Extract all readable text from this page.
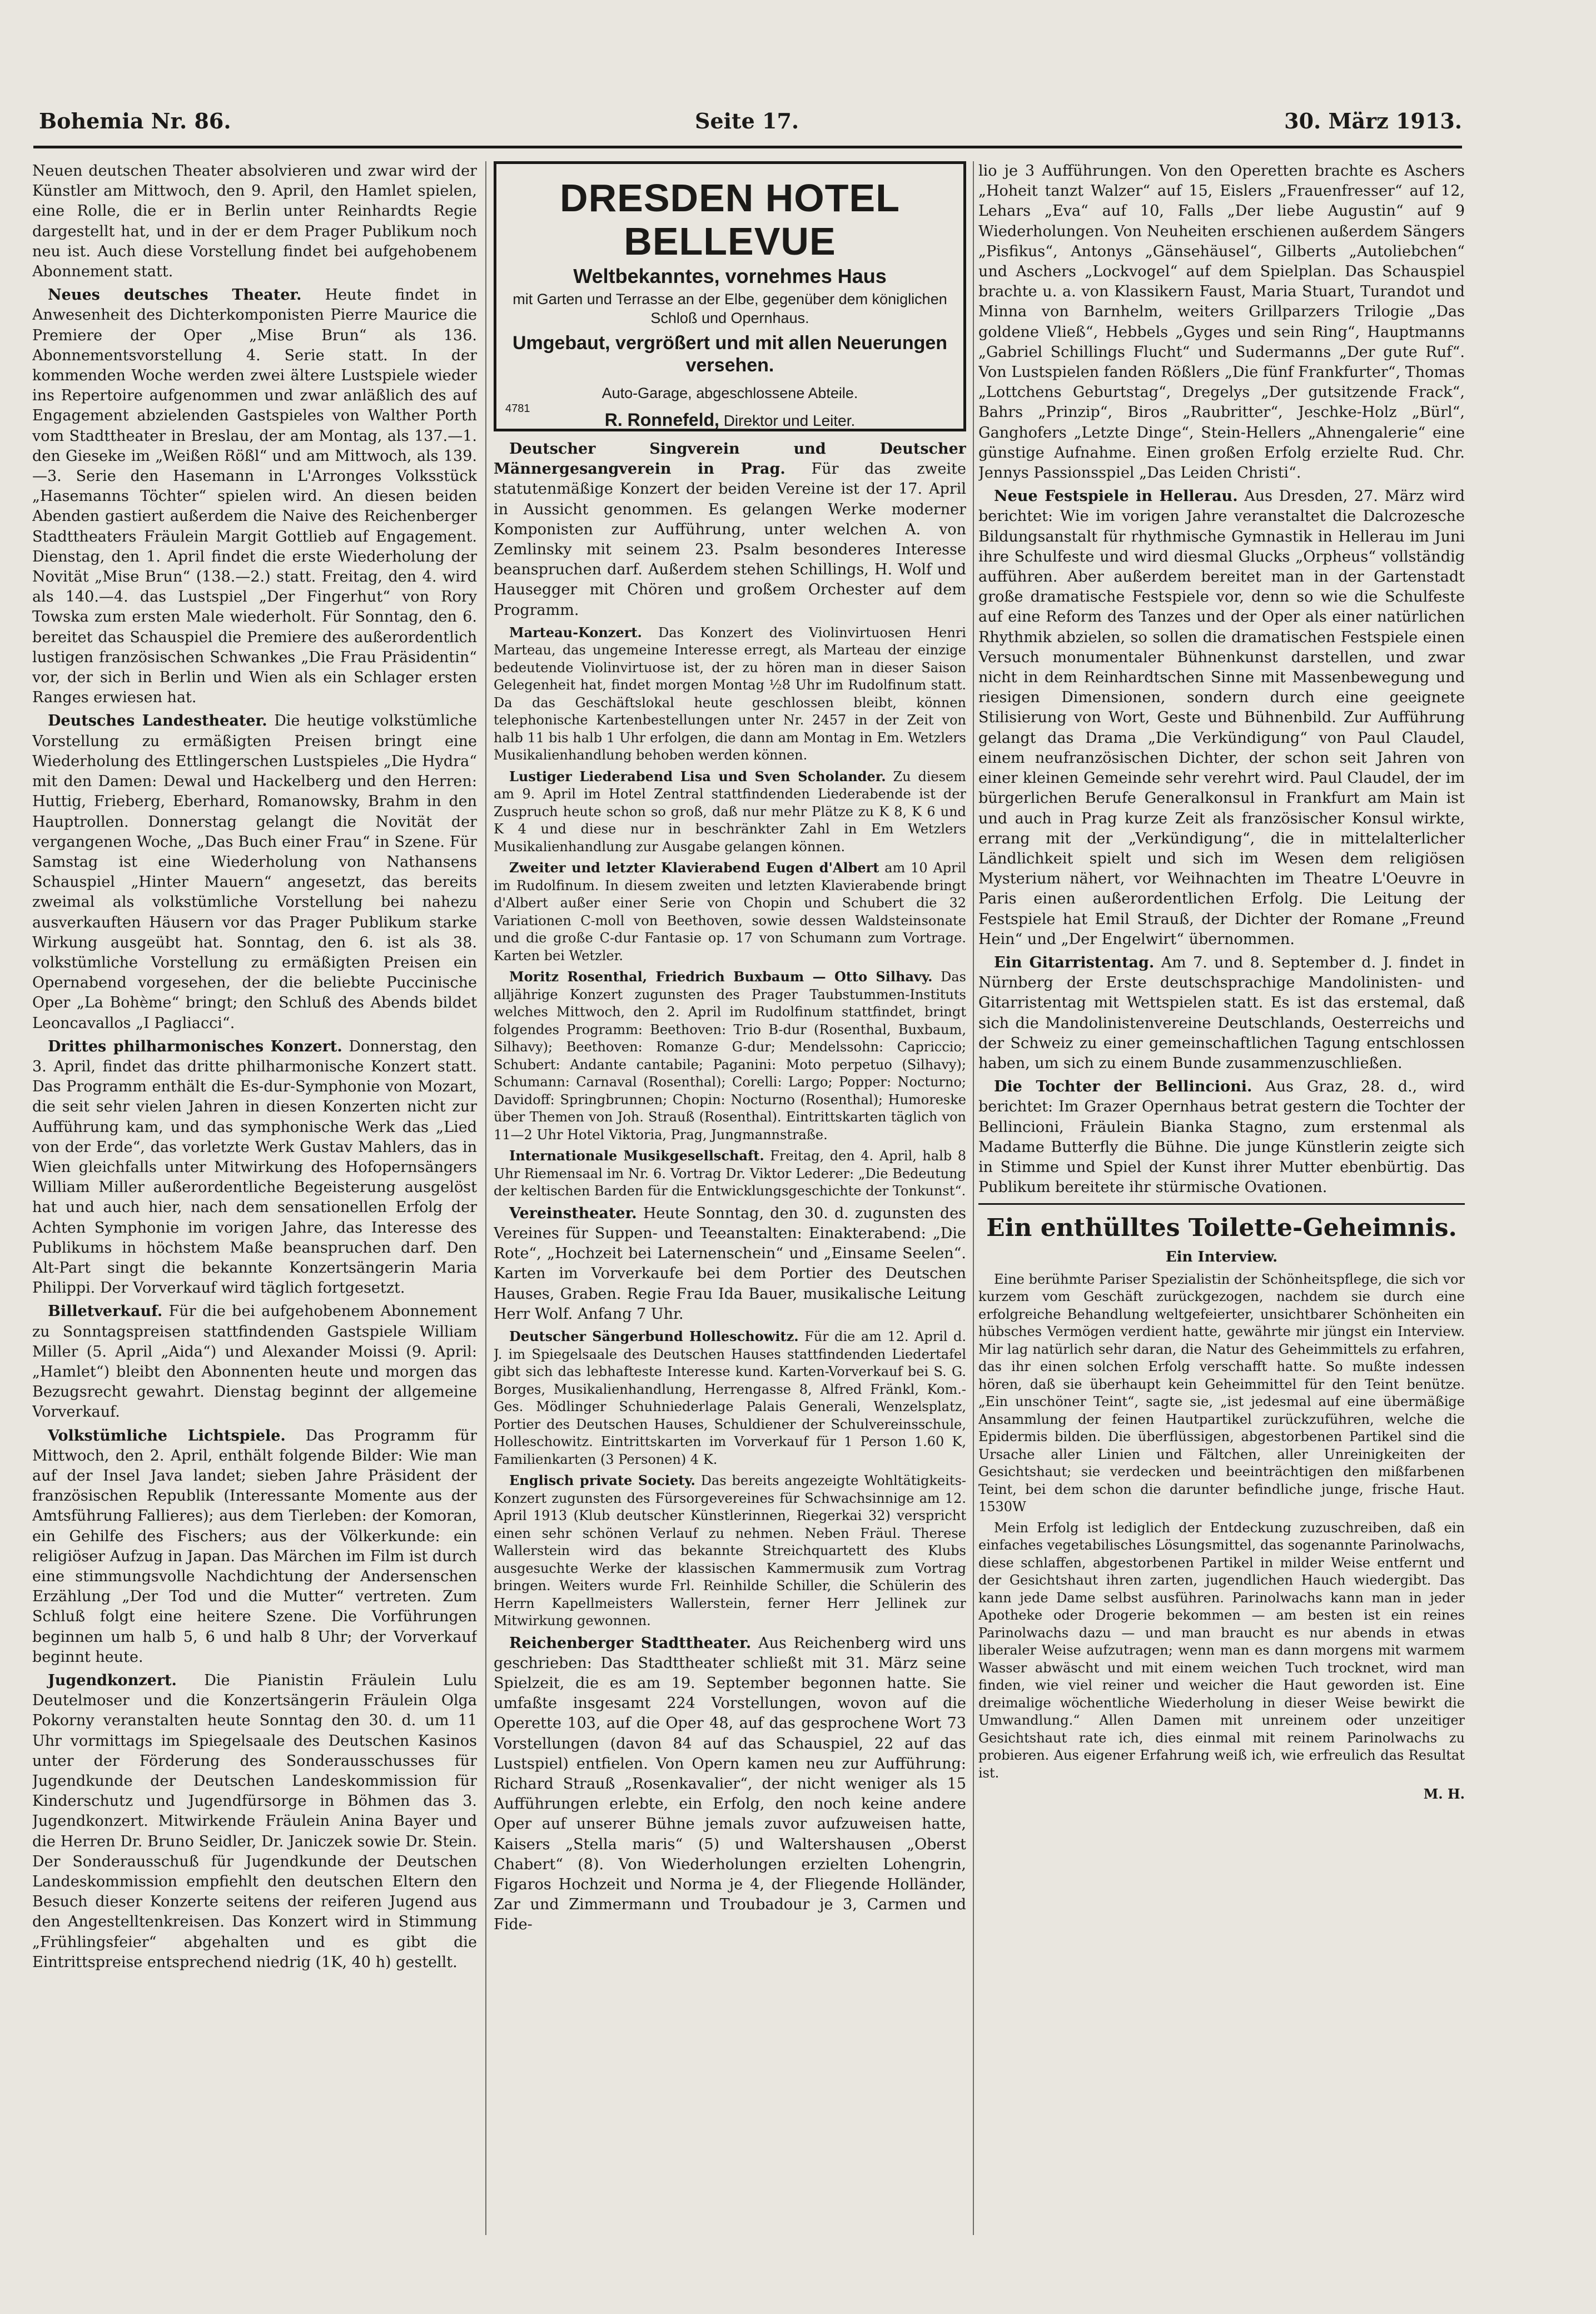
Bohemia Nr. 86.	Seite 17.	30. März 1913.

Neuen deutschen Theater absolvieren und zwar wird der Künstler am Mittwoch, den 9. April, den Hamlet spielen, eine Rolle, die er in Berlin unter Reinhardts Regie dargestellt hat, und in der er dem Prager Publikum noch neu ist. Auch diese Vorstellung findet bei aufgehobenem Abonnement statt.

Neues deutsches Theater. Heute findet in Anwesenheit des Dichterkomponisten Pierre Maurice die Premiere der Oper „Mise Brun“ als 136. Abonnementsvorstellung 4. Serie statt. In der kommenden Woche werden zwei ältere Lustspiele wieder ins Repertoire aufgenommen und zwar anläßlich des auf Engagement abzielenden Gastspieles von Walther Porth vom Stadttheater in Breslau, der am Montag, als 137.—1. den Gieseke im „Weißen Rößl“ und am Mittwoch, als 139.—3. Serie den Hasemann in L'Arronges Volksstück „Hasemanns Töchter“ spielen wird. An diesen beiden Abenden gastiert außerdem die Naive des Reichenberger Stadttheaters Fräulein Margit Gottlieb auf Engagement. Dienstag, den 1. April findet die erste Wiederholung der Novität „Mise Brun“ (138.—2.) statt. Freitag, den 4. wird als 140.—4. das Lustspiel „Der Fingerhut“ von Rory Towska zum ersten Male wiederholt. Für Sonntag, den 6. bereitet das Schauspiel die Premiere des außerordentlich lustigen französischen Schwankes „Die Frau Präsidentin“ vor, der sich in Berlin und Wien als ein Schlager ersten Ranges erwiesen hat.

Deutsches Landestheater. Die heutige volkstümliche Vorstellung zu ermäßigten Preisen bringt eine Wiederholung des Ettlingerschen Lustspieles „Die Hydra“ mit den Damen: Dewal und Hackelberg und den Herren: Huttig, Frieberg, Eberhard, Romanowsky, Brahm in den Hauptrollen. Donnerstag gelangt die Novität der vergangenen Woche, „Das Buch einer Frau“ in Szene. Für Samstag ist eine Wiederholung von Nathansens Schauspiel „Hinter Mauern“ angesetzt, das bereits zweimal als volkstümliche Vorstellung bei nahezu ausverkauften Häusern vor das Prager Publikum starke Wirkung ausgeübt hat. Sonntag, den 6. ist als 38. volkstümliche Vorstellung zu ermäßigten Preisen ein Opernabend vorgesehen, der die beliebte Puccinische Oper „La Bohème“ bringt; den Schluß des Abends bildet Leoncavallos „I Pagliacci“.

Drittes philharmonisches Konzert. Donnerstag, den 3. April, findet das dritte philharmonische Konzert statt. Das Programm enthält die Es-dur-Symphonie von Mozart, die seit sehr vielen Jahren in diesen Konzerten nicht zur Aufführung kam, und das symphonische Werk das „Lied von der Erde“, das vorletzte Werk Gustav Mahlers, das in Wien gleichfalls unter Mitwirkung des Hofopernsängers William Miller außerordentliche Begeisterung ausgelöst hat und auch hier, nach dem sensationellen Erfolg der Achten Symphonie im vorigen Jahre, das Interesse des Publikums in höchstem Maße beanspruchen darf. Den Alt-Part singt die bekannte Konzertsängerin Maria Philippi. Der Vorverkauf wird täglich fortgesetzt.

Billetverkauf. Für die bei aufgehobenem Abonnement zu Sonntagspreisen stattfindenden Gastspiele William Miller (5. April „Aida“) und Alexander Moissi (9. April: „Hamlet“) bleibt den Abonnenten heute und morgen das Bezugsrecht gewahrt. Dienstag beginnt der allgemeine Vorverkauf.

Volkstümliche Lichtspiele. Das Programm für Mittwoch, den 2. April, enthält folgende Bilder: Wie man auf der Insel Java landet; sieben Jahre Präsident der französischen Republik (Interessante Momente aus der Amtsführung Fallieres); aus dem Tierleben: der Komoran, ein Gehilfe des Fischers; aus der Völkerkunde: ein religiöser Aufzug in Japan. Das Märchen im Film ist durch eine stimmungsvolle Nachdichtung der Andersenschen Erzählung „Der Tod und die Mutter“ vertreten. Zum Schluß folgt eine heitere Szene. Die Vorführungen beginnen um halb 5, 6 und halb 8 Uhr; der Vorverkauf beginnt heute.

Jugendkonzert. Die Pianistin Fräulein Lulu Deutelmoser und die Konzertsängerin Fräulein Olga Pokorny veranstalten heute Sonntag den 30. d. um 11 Uhr vormittags im Spiegelsaale des Deutschen Kasinos unter der Förderung des Sonderausschusses für Jugendkunde der Deutschen Landeskommission für Kinderschutz und Jugendfürsorge in Böhmen das 3. Jugendkonzert. Mitwirkende Fräulein Anina Bayer und die Herren Dr. Bruno Seidler, Dr. Janiczek sowie Dr. Stein. Der Sonderausschuß für Jugendkunde der Deutschen Landeskommission empfiehlt den deutschen Eltern den Besuch dieser Konzerte seitens der reiferen Jugend aus den Angestelltenkreisen. Das Konzert wird in Stimmung „Frühlingsfeier“ abgehalten und es gibt die Eintrittspreise entsprechend niedrig (1K, 40 h) gestellt.

DRESDEN HOTEL BELLEVUE
Weltbekanntes, vornehmes Haus
mit Garten und Terrasse an der Elbe, gegenüber dem königlichen Schloß und Opernhaus.
Umgebaut, vergrößert und mit allen Neuerungen versehen.
Auto-Garage, abgeschlossene Abteile.
R. Ronnefeld, Direktor und Leiter.
4781

Deutscher Singverein und Deutscher Männergesangverein in Prag. Für das zweite statutenmäßige Konzert der beiden Vereine ist der 17. April in Aussicht genommen. Es gelangen Werke moderner Komponisten zur Aufführung, unter welchen A. von Zemlinsky mit seinem 23. Psalm besonderes Interesse beanspruchen darf. Außerdem stehen Schillings, H. Wolf und Hausegger mit Chören und großem Orchester auf dem Programm.

Marteau-Konzert. Das Konzert des Violinvirtuosen Henri Marteau, das ungemeine Interesse erregt, als Marteau der einzige bedeutende Violinvirtuose ist, der zu hören man in dieser Saison Gelegenheit hat, findet morgen Montag ½8 Uhr im Rudolfinum statt. Da das Geschäftslokal heute geschlossen bleibt, können telephonische Kartenbestellungen unter Nr. 2457 in der Zeit von halb 11 bis halb 1 Uhr erfolgen, die dann am Montag in Em. Wetzlers Musikalienhandlung behoben werden können.

Lustiger Liederabend Lisa und Sven Scholander. Zu diesem am 9. April im Hotel Zentral stattfindenden Liederabende ist der Zuspruch heute schon so groß, daß nur mehr Plätze zu K 8, K 6 und K 4 und diese nur in beschränkter Zahl in Em Wetzlers Musikalienhandlung zur Ausgabe gelangen können.

Zweiter und letzter Klavierabend Eugen d'Albert am 10 April im Rudolfinum. In diesem zweiten und letzten Klavierabende bringt d'Albert außer einer Serie von Chopin und Schubert die 32 Variationen C-moll von Beethoven, sowie dessen Waldsteinsonate und die große C-dur Fantasie op. 17 von Schumann zum Vortrage. Karten bei Wetzler.

Moritz Rosenthal, Friedrich Buxbaum — Otto Silhavy. Das alljährige Konzert zugunsten des Prager Taubstummen-Instituts welches Mittwoch, den 2. April im Rudolfinum stattfindet, bringt folgendes Programm: Beethoven: Trio B-dur (Rosenthal, Buxbaum, Silhavy); Beethoven: Romanze G-dur; Mendelssohn: Capriccio; Schubert: Andante cantabile; Paganini: Moto perpetuo (Silhavy); Schumann: Carnaval (Rosenthal); Corelli: Largo; Popper: Nocturno; Davidoff: Springbrunnen; Chopin: Nocturno (Rosenthal); Humoreske über Themen von Joh. Strauß (Rosenthal). Eintrittskarten täglich von 11—2 Uhr Hotel Viktoria, Prag, Jungmannstraße.

Internationale Musikgesellschaft. Freitag, den 4. April, halb 8 Uhr Riemensaal im Nr. 6. Vortrag Dr. Viktor Lederer: „Die Bedeutung der keltischen Barden für die Entwicklungsgeschichte der Tonkunst“.

Vereinstheater. Heute Sonntag, den 30. d. zugunsten des Vereines für Suppen- und Teeanstalten: Einakterabend: „Die Rote“, „Hochzeit bei Laternenschein“ und „Einsame Seelen“. Karten im Vorverkaufe bei dem Portier des Deutschen Hauses, Graben. Regie Frau Ida Bauer, musikalische Leitung Herr Wolf. Anfang 7 Uhr.

Deutscher Sängerbund Holleschowitz. Für die am 12. April d. J. im Spiegelsaale des Deutschen Hauses stattfindenden Liedertafel gibt sich das lebhafteste Interesse kund. Karten-Vorverkauf bei S. G. Borges, Musikalienhandlung, Herrengasse 8, Alfred Fränkl, Kom.-Ges. Mödlinger Schuhniederlage Palais Generali, Wenzelsplatz, Portier des Deutschen Hauses, Schuldiener der Schulvereinsschule, Holleschowitz. Eintrittskarten im Vorverkauf für 1 Person 1.60 K, Familienkarten (3 Personen) 4 K.

Englisch private Society. Das bereits angezeigte Wohltätigkeits-Konzert zugunsten des Fürsorgevereines für Schwachsinnige am 12. April 1913 (Klub deutscher Künstlerinnen, Riegerkai 32) verspricht einen sehr schönen Verlauf zu nehmen. Neben Fräul. Therese Wallerstein wird das bekannte Streichquartett des Klubs ausgesuchte Werke der klassischen Kammermusik zum Vortrag bringen. Weiters wurde Frl. Reinhilde Schiller, die Schülerin des Herrn Kapellmeisters Wallerstein, ferner Herr Jellinek zur Mitwirkung gewonnen.

Reichenberger Stadttheater. Aus Reichenberg wird uns geschrieben: Das Stadttheater schließt mit 31. März seine Spielzeit, die es am 19. September begonnen hatte. Sie umfaßte insgesamt 224 Vorstellungen, wovon auf die Operette 103, auf die Oper 48, auf das gesprochene Wort 73 Vorstellungen (davon 84 auf das Schauspiel, 22 auf das Lustspiel) entfielen. Von Opern kamen neu zur Aufführung: Richard Strauß „Rosenkavalier“, der nicht weniger als 15 Aufführungen erlebte, ein Erfolg, den noch keine andere Oper auf unserer Bühne jemals zuvor aufzuweisen hatte, Kaisers „Stella maris“ (5) und Waltershausen „Oberst Chabert“ (8). Von Wiederholungen erzielten Lohengrin, Figaros Hochzeit und Norma je 4, der Fliegende Holländer, Zar und Zimmermann und Troubadour je 3, Carmen und Fide-

lio je 3 Aufführungen. Von den Operetten brachte es Aschers „Hoheit tanzt Walzer“ auf 15, Eislers „Frauenfresser“ auf 12, Lehars „Eva“ auf 10, Falls „Der liebe Augustin“ auf 9 Wiederholungen. Von Neuheiten erschienen außerdem Sängers „Pisfikus“, Antonys „Gänsehäusel“, Gilberts „Autoliebchen“ und Aschers „Lockvogel“ auf dem Spielplan. Das Schauspiel brachte u. a. von Klassikern Faust, Maria Stuart, Turandot und Minna von Barnhelm, weiters Grillparzers Trilogie „Das goldene Vließ“, Hebbels „Gyges und sein Ring“, Hauptmanns „Gabriel Schillings Flucht“ und Sudermanns „Der gute Ruf“. Von Lustspielen fanden Rößlers „Die fünf Frankfurter“, Thomas „Lottchens Geburtstag“, Dregelys „Der gutsitzende Frack“, Bahrs „Prinzip“, Biros „Raubritter“, Jeschke-Holz „Bürl“, Ganghofers „Letzte Dinge“, Stein-Hellers „Ahnengalerie“ eine günstige Aufnahme. Einen großen Erfolg erzielte Rud. Chr. Jennys Passionsspiel „Das Leiden Christi“.

Neue Festspiele in Hellerau. Aus Dresden, 27. März wird berichtet: Wie im vorigen Jahre veranstaltet die Dalcrozesche Bildungsanstalt für rhythmische Gymnastik in Hellerau im Juni ihre Schulfeste und wird diesmal Glucks „Orpheus“ vollständig aufführen. Aber außerdem bereitet man in der Gartenstadt große dramatische Festspiele vor, denn so wie die Schulfeste auf eine Reform des Tanzes und der Oper als einer natürlichen Rhythmik abzielen, so sollen die dramatischen Festspiele einen Versuch monumentaler Bühnenkunst darstellen, und zwar nicht in dem Reinhardtschen Sinne mit Massenbewegung und riesigen Dimensionen, sondern durch eine geeignete Stilisierung von Wort, Geste und Bühnenbild. Zur Aufführung gelangt das Drama „Die Verkündigung“ von Paul Claudel, einem neufranzösischen Dichter, der schon seit Jahren von einer kleinen Gemeinde sehr verehrt wird. Paul Claudel, der im bürgerlichen Berufe Generalkonsul in Frankfurt am Main ist und auch in Prag kurze Zeit als französischer Konsul wirkte, errang mit der „Verkündigung“, die in mittelalterlicher Ländlichkeit spielt und sich im Wesen dem religiösen Mysterium nähert, vor Weihnachten im Theatre L'Oeuvre in Paris einen außerordentlichen Erfolg. Die Leitung der Festspiele hat Emil Strauß, der Dichter der Romane „Freund Hein“ und „Der Engelwirt“ übernommen.

Ein Gitarristentag. Am 7. und 8. September d. J. findet in Nürnberg der Erste deutschsprachige Mandolinisten- und Gitarristentag mit Wettspielen statt. Es ist das erstemal, daß sich die Mandolinistenvereine Deutschlands, Oesterreichs und der Schweiz zu einer gemeinschaftlichen Tagung entschlossen haben, um sich zu einem Bunde zusammenzuschließen.

Die Tochter der Bellincioni. Aus Graz, 28. d., wird berichtet: Im Grazer Opernhaus betrat gestern die Tochter der Bellincioni, Fräulein Bianka Stagno, zum erstenmal als Madame Butterfly die Bühne. Die junge Künstlerin zeigte sich in Stimme und Spiel der Kunst ihrer Mutter ebenbürtig. Das Publikum bereitete ihr stürmische Ovationen.

Ein enthülltes Toilette-Geheimnis.
Ein Interview.

Eine berühmte Pariser Spezialistin der Schönheitspflege, die sich vor kurzem vom Geschäft zurückgezogen, nachdem sie durch eine erfolgreiche Behandlung weltgefeierter, unsichtbarer Schönheiten ein hübsches Vermögen verdient hatte, gewährte mir jüngst ein Interview. Mir lag natürlich sehr daran, die Natur des Geheimmittels zu erfahren, das ihr einen solchen Erfolg verschafft hatte. So mußte indessen hören, daß sie überhaupt kein Geheimmittel für den Teint benütze. „Ein unschöner Teint“, sagte sie, „ist jedesmal auf eine übermäßige Ansammlung der feinen Hautpartikel zurückzuführen, welche die Epidermis bilden. Die überflüssigen, abgestorbenen Partikel sind die Ursache aller Linien und Fältchen, aller Unreinigkeiten der Gesichtshaut; sie verdecken und beeinträchtigen den mißfarbenen Teint, bei dem schon die darunter befindliche junge, frische Haut. 1530W

Mein Erfolg ist lediglich der Entdeckung zuzuschreiben, daß ein einfaches vegetabilisches Lösungsmittel, das sogenannte Parinolwachs, diese schlaffen, abgestorbenen Partikel in milder Weise entfernt und der Gesichtshaut ihren zarten, jugendlichen Hauch wiedergibt. Das kann jede Dame selbst ausführen. Parinolwachs kann man in jeder Apotheke oder Drogerie bekommen — am besten ist ein reines Parinolwachs dazu — und man braucht es nur abends in etwas liberaler Weise aufzutragen; wenn man es dann morgens mit warmem Wasser abwäscht und mit einem weichen Tuch trocknet, wird man finden, wie viel reiner und weicher die Haut geworden ist. Eine dreimalige wöchentliche Wiederholung in dieser Weise bewirkt die Umwandlung.“ Allen Damen mit unreinem oder unzeitiger Gesichtshaut rate ich, dies einmal mit reinem Parinolwachs zu probieren. Aus eigener Erfahrung weiß ich, wie erfreulich das Resultat ist.

M. H.
